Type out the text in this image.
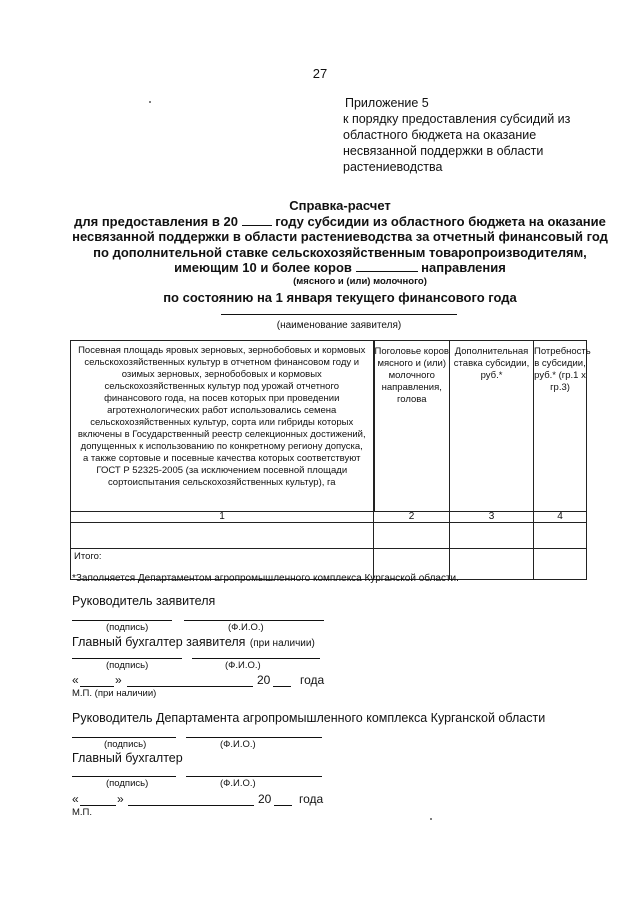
27
Приложение 5
к порядку предоставления субсидий из
областного бюджета на оказание
несвязанной поддержки в области
растениеводства
Справка-расчет
для предоставления в 20	году субсидии из областного бюджета на оказание
несвязанной поддержки в области растениеводства за отчетный финансовый год
по дополнительной ставке сельскохозяйственным товаропроизводителям,
имеющим 10 и более коров	направления
(мясного и (или) молочного)
по состоянию на 1 января текущего финансового года
(наименование заявителя)
Посевная площадь яровых зерновых, зернобобовых и кормовых сельскохозяйственных культур в отчетном финансовом году и озимых зерновых, зернобобовых и кормовых сельскохозяйственных культур под урожай отчетного финансового года, на посев которых при проведении агротехнологических работ использовались семена сельскохозяйственных культур, сорта или гибриды которых включены в Государственный реестр селекционных достижений, допущенных к использованию по конкретному региону допуска, а также сортовые и посевные качества которых соответствуют ГОСТ Р 52325-2005 (за исключением посевной площади сортоиспытания сельскохозяйственных культур), га	Поголовье коров мясного и (или) молочного направления, голова	Дополнительная ставка субсидии, руб.*	Потребность в субсидии, руб.* (гр.1 х гр.3)
1	2	3	4

Итого:			
*Заполняется Департаментом агропромышленного комплекса Курганской области.
Руководитель заявителя
(подпись)	(Ф.И.О.)
Главный бухгалтер заявителя (при наличии)
(подпись)	(Ф.И.О.)
«	»	20 года
М.П. (при наличии)
Руководитель Департамента агропромышленного комплекса Курганской области
(подпись)	(Ф.И.О.)
Главный бухгалтер
(подпись)	(Ф.И.О.)
«	»	20 года
М.П.
